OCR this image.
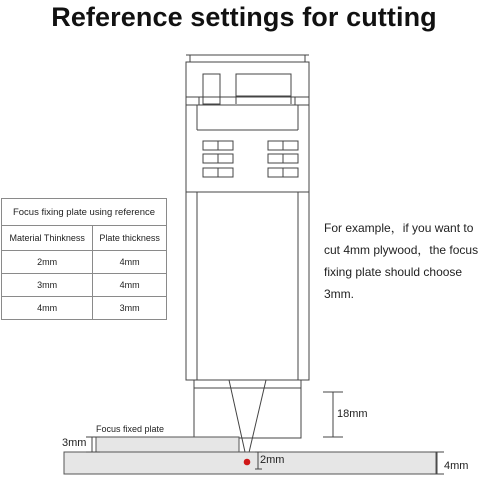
Reference settings for cutting
Focus fixing plate using reference	
Material Thinkness	Plate thickness
2mm	4mm
3mm	4mm
4mm	3mm
For example，if you want to cut 4mm plywood，the focus fixing plate should choose 3mm.
18mm
3mm
Focus fixed plate
2mm	4mm
